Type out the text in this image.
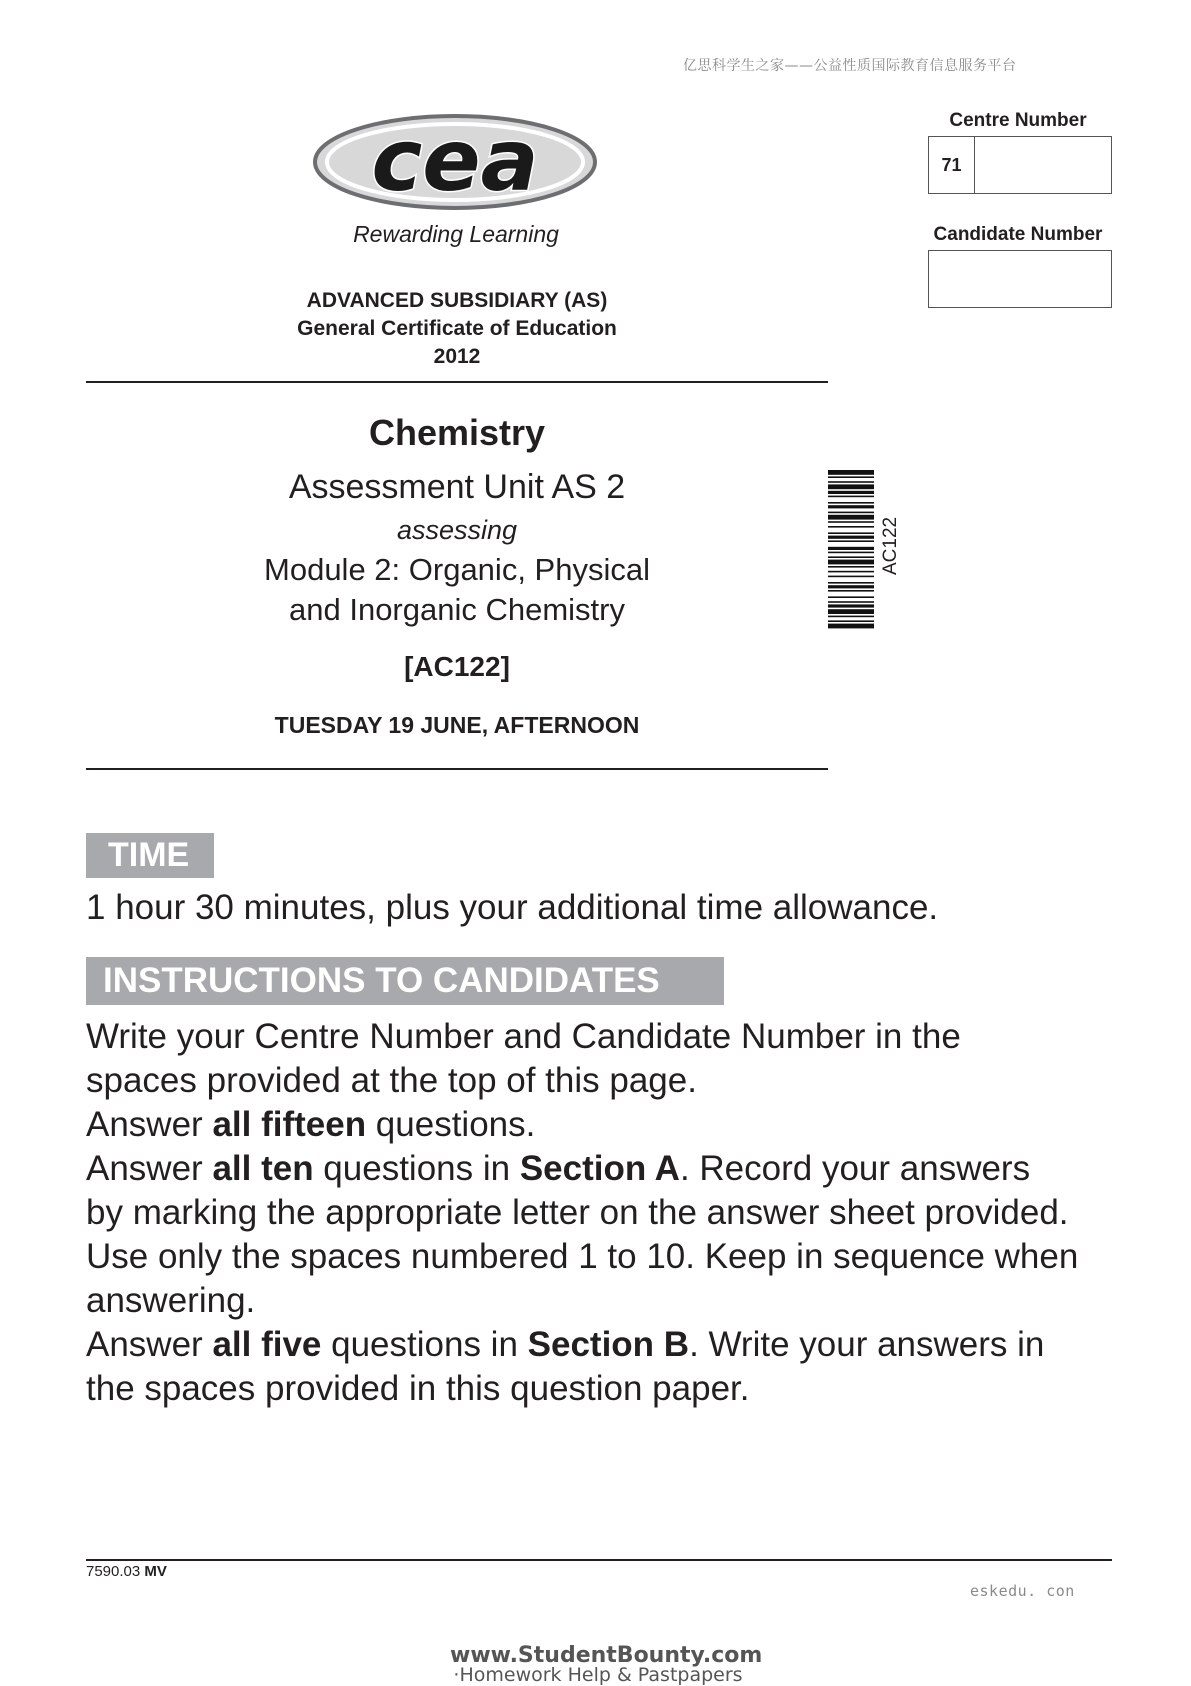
亿思科学生之家——公益性质国际教育信息服务平台
cea
Rewarding Learning
Centre Number
71
Candidate Number
ADVANCED SUBSIDIARY (AS)
General Certificate of Education
2012
Chemistry
Assessment Unit AS 2
assessing
Module 2: Organic, Physical
and Inorganic Chemistry
[AC122]
TUESDAY 19 JUNE, AFTERNOON
AC122
TIME
1 hour 30 minutes, plus your additional time allowance.
INSTRUCTIONS TO CANDIDATES

Write your Centre Number and Candidate Number in the

spaces provided at the top of this page.

Answer all fifteen questions.

Answer all ten questions in Section A. Record your answers

by marking the appropriate letter on the answer sheet provided.

Use only the spaces numbered 1 to 10. Keep in sequence when

answering.

Answer all five questions in Section B. Write your answers in

the spaces provided in this question paper.

7590.03 MV
eskedu. con
www.StudentBounty.com
·Homework Help & Pastpapers
